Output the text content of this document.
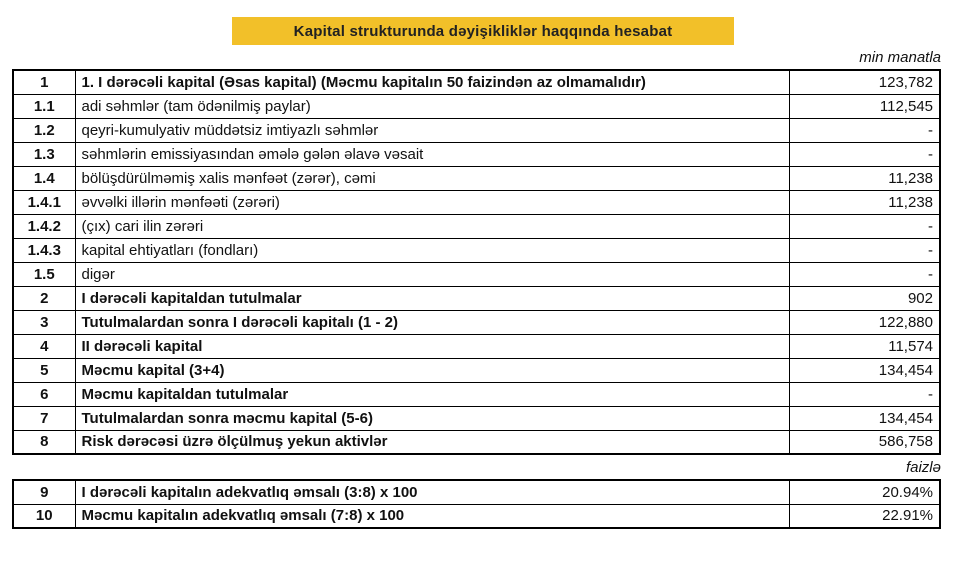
Kapital strukturunda dəyişikliklər haqqında hesabat
min manatla
1	1. I dərəcəli kapital (Əsas kapital) (Məcmu kapitalın 50 faizindən az olmamalıdır)	123,782
1.1	adi səhmlər (tam ödənilmiş paylar)	112,545
1.2	qeyri-kumulyativ müddətsiz imtiyazlı səhmlər	-
1.3	səhmlərin emissiyasından əmələ gələn əlavə vəsait	-
1.4	bölüşdürülməmiş xalis mənfəət (zərər), cəmi	11,238
1.4.1	əvvəlki illərin mənfəəti (zərəri)	11,238
1.4.2	(çıx) cari ilin zərəri	-
1.4.3	kapital ehtiyatları (fondları)	-
1.5	digər	-
2	I dərəcəli kapitaldan tutulmalar	902
3	Tutulmalardan sonra I dərəcəli kapitalı (1 - 2)	122,880
4	II dərəcəli kapital	11,574
5	Məcmu kapital (3+4)	134,454
6	Məcmu kapitaldan tutulmalar	-
7	Tutulmalardan sonra məcmu kapital (5-6)	134,454
8	Risk dərəcəsi üzrə ölçülmuş yekun aktivlər	586,758
faizlə
9	I dərəcəli kapitalın adekvatlıq əmsalı (3:8) x 100	20.94%
10	Məcmu kapitalın adekvatlıq əmsalı (7:8) x 100	22.91%
